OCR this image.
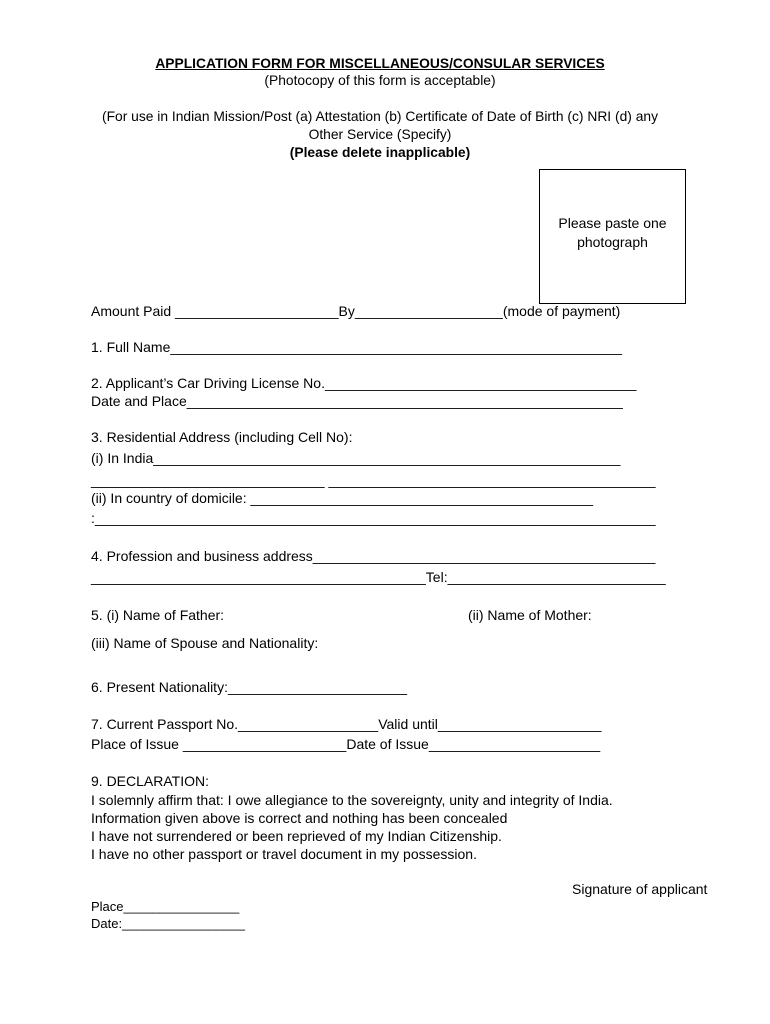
APPLICATION FORM FOR MISCELLANEOUS/CONSULAR SERVICES
(Photocopy of this form is acceptable)
(For use in Indian Mission/Post (a) Attestation (b) Certificate of Date of Birth (c) NRI (d) any
Other Service (Specify)
(Please delete inapplicable)
Please paste one
photograph
Amount Paid _____________________By___________________(mode of payment)
1. Full Name__________________________________________________________
2. Applicant’s Car Driving License No.________________________________________
Date and Place________________________________________________________
3. Residential Address (including Cell No):
(i) In India____________________________________________________________
______________________________ __________________________________________
(ii) In country of domicile: ____________________________________________
:________________________________________________________________________
4. Profession and business address____________________________________________
___________________________________________Tel:____________________________
5. (i) Name of Father:	(ii) Name of Mother:
(iii) Name of Spouse and Nationality:
6. Present Nationality:_______________________
7. Current Passport No.__________________Valid until_____________________
Place of Issue _____________________Date of Issue______________________
9. DECLARATION:
I solemnly affirm that: I owe allegiance to the sovereignty, unity and integrity of India.
Information given above is correct and nothing has been concealed
I have not surrendered or been reprieved of my Indian Citizenship.
I have no other passport or travel document in my possession.
Signature of applicant
Place________________
Date:_________________
